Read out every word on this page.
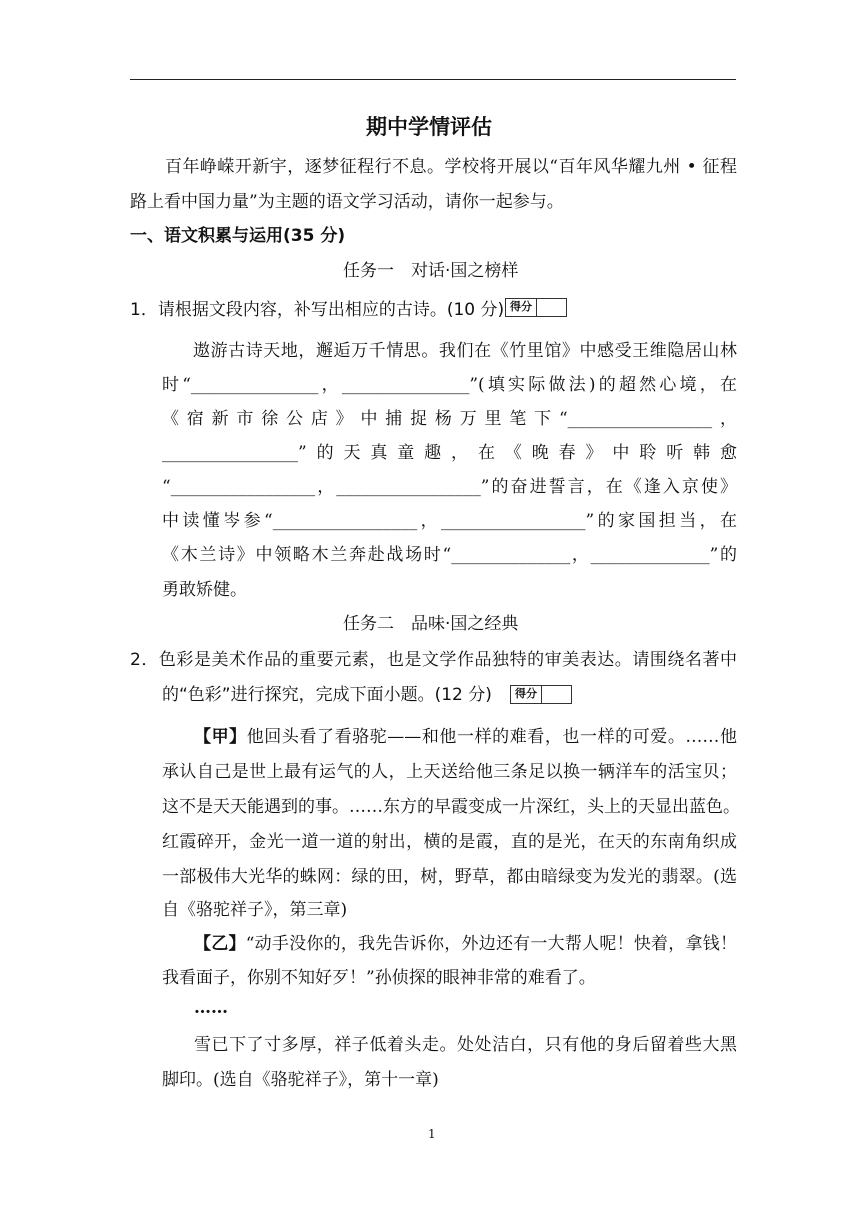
期中学情评估
百年峥嵘开新宇，逐梦征程行不息。学校将开展以“百年风华耀九州 • 征程
路上看中国力量”为主题的语文学习活动，请你一起参与。
一、语文积累与运用(35 分)
任务一　对话·国之榜样
1．请根据文段内容，补写出相应的古诗。(10 分) 得分
遨游古诗天地，邂逅万千情思。我们在《竹里馆》中感受王维隐居山林
时“_______________，_______________”(填实际做法)的超然心境，在
《宿新市徐公店》中捕捉杨万里笔下“_________________，
________________”的天真童趣，在《晚春》中聆听韩愈
“_________________，_________________”的奋进誓言，在《逢入京使》
中读懂岑参“_________________，_________________”的家国担当，在
《木兰诗》中领略木兰奔赴战场时“______________，______________”的
勇敢矫健。
任务二　品味·国之经典
2．色彩是美术作品的重要元素，也是文学作品独特的审美表达。请围绕名著中
的“色彩”进行探究，完成下面小题。(12 分)	得分
【甲】他回头看了看骆驼——和他一样的难看，也一样的可爱。……他
承认自己是世上最有运气的人，上天送给他三条足以换一辆洋车的活宝贝；
这不是天天能遇到的事。……东方的早霞变成一片深红，头上的天显出蓝色。
红霞碎开，金光一道一道的射出，横的是霞，直的是光，在天的东南角织成
一部极伟大光华的蛛网：绿的田，树，野草，都由暗绿变为发光的翡翠。(选
自《骆驼祥子》，第三章)
【乙】“动手没你的，我先告诉你，外边还有一大帮人呢！快着，拿钱！
我看面子，你别不知好歹！”孙侦探的眼神非常的难看了。
……
雪已下了寸多厚，祥子低着头走。处处洁白，只有他的身后留着些大黑
脚印。(选自《骆驼祥子》，第十一章)
1
